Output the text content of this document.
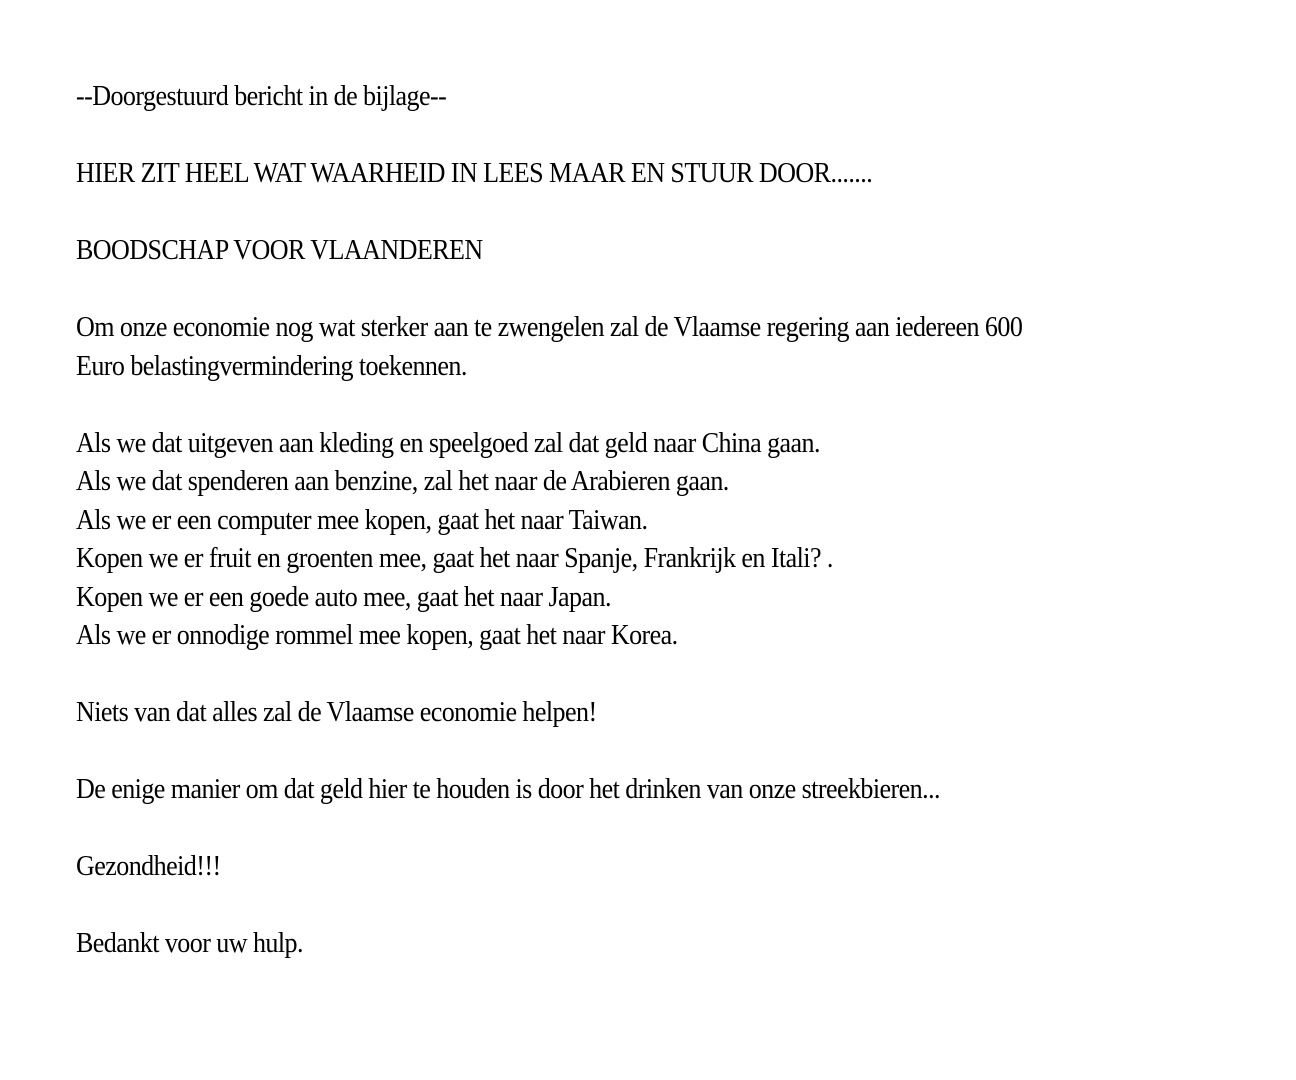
--Doorgestuurd bericht in de bijlage--

HIER ZIT HEEL WAT WAARHEID IN LEES MAAR EN STUUR DOOR.......

BOODSCHAP VOOR VLAANDEREN

Om onze economie nog wat sterker aan te zwengelen zal de Vlaamse regering aan iedereen 600
Euro belastingvermindering toekennen.

Als we dat uitgeven aan kleding en speelgoed zal dat geld naar China gaan.
Als we dat spenderen aan benzine, zal het naar de Arabieren gaan.
Als we er een computer mee kopen, gaat het naar Taiwan.
Kopen we er fruit en groenten mee, gaat het naar Spanje, Frankrijk en Itali? .
Kopen we er een goede auto mee, gaat het naar Japan.
Als we er onnodige rommel mee kopen, gaat het naar Korea.

Niets van dat alles zal de Vlaamse economie helpen!

De enige manier om dat geld hier te houden is door het drinken van onze streekbieren...

Gezondheid!!!

Bedankt voor uw hulp.
